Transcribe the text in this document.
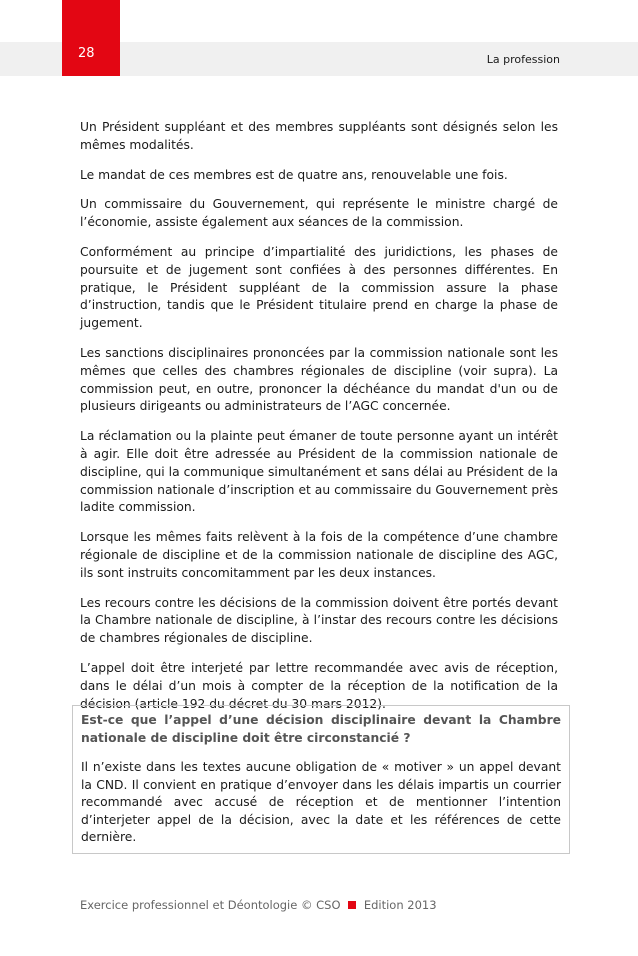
28	La profession

Un Président suppléant et des membres suppléants sont désignés selon les mêmes modalités.

Le mandat de ces membres est de quatre ans, renouvelable une fois.

Un commissaire du Gouvernement, qui représente le ministre chargé de l’économie, assiste également aux séances de la commission.

Conformément au principe d’impartialité des juridictions, les phases de poursuite et de jugement sont confiées à des personnes différentes. En pratique, le Président suppléant de la commission assure la phase d’instruction, tandis que le Président titulaire prend en charge la phase de jugement.

Les sanctions disciplinaires prononcées par la commission nationale sont les mêmes que celles des chambres régionales de discipline (voir supra). La commission peut, en outre, prononcer la déchéance du mandat d'un ou de plusieurs dirigeants ou administrateurs de l’AGC concernée.

La réclamation ou la plainte peut émaner de toute personne ayant un intérêt à agir. Elle doit être adressée au Président de la commission nationale de discipline, qui la communique simultanément et sans délai au Président de la commission nationale d’inscription et au commissaire du Gouvernement près ladite commission.

Lorsque les mêmes faits relèvent à la fois de la compétence d’une chambre régionale de discipline et de la commission nationale de discipline des AGC, ils sont instruits concomitamment par les deux instances.

Les recours contre les décisions de la commission doivent être portés devant la Chambre nationale de discipline, à l’instar des recours contre les décisions de chambres régionales de discipline.

L’appel doit être interjeté par lettre recommandée avec avis de réception, dans le délai d’un mois à compter de la réception de la notification de la décision (article 192 du décret du 30 mars 2012).

Est-ce que l’appel d’une décision disciplinaire devant la Chambre nationale de discipline doit être circonstancié ?

Il n’existe dans les textes aucune obligation de « motiver » un appel devant la CND. Il convient en pratique d’envoyer dans les délais impartis un courrier recommandé avec accusé de réception et de mentionner l’intention d’interjeter appel de la décision, avec la date et les références de cette dernière.

Exercice professionnel et Déontologie © CSO Edition 2013
